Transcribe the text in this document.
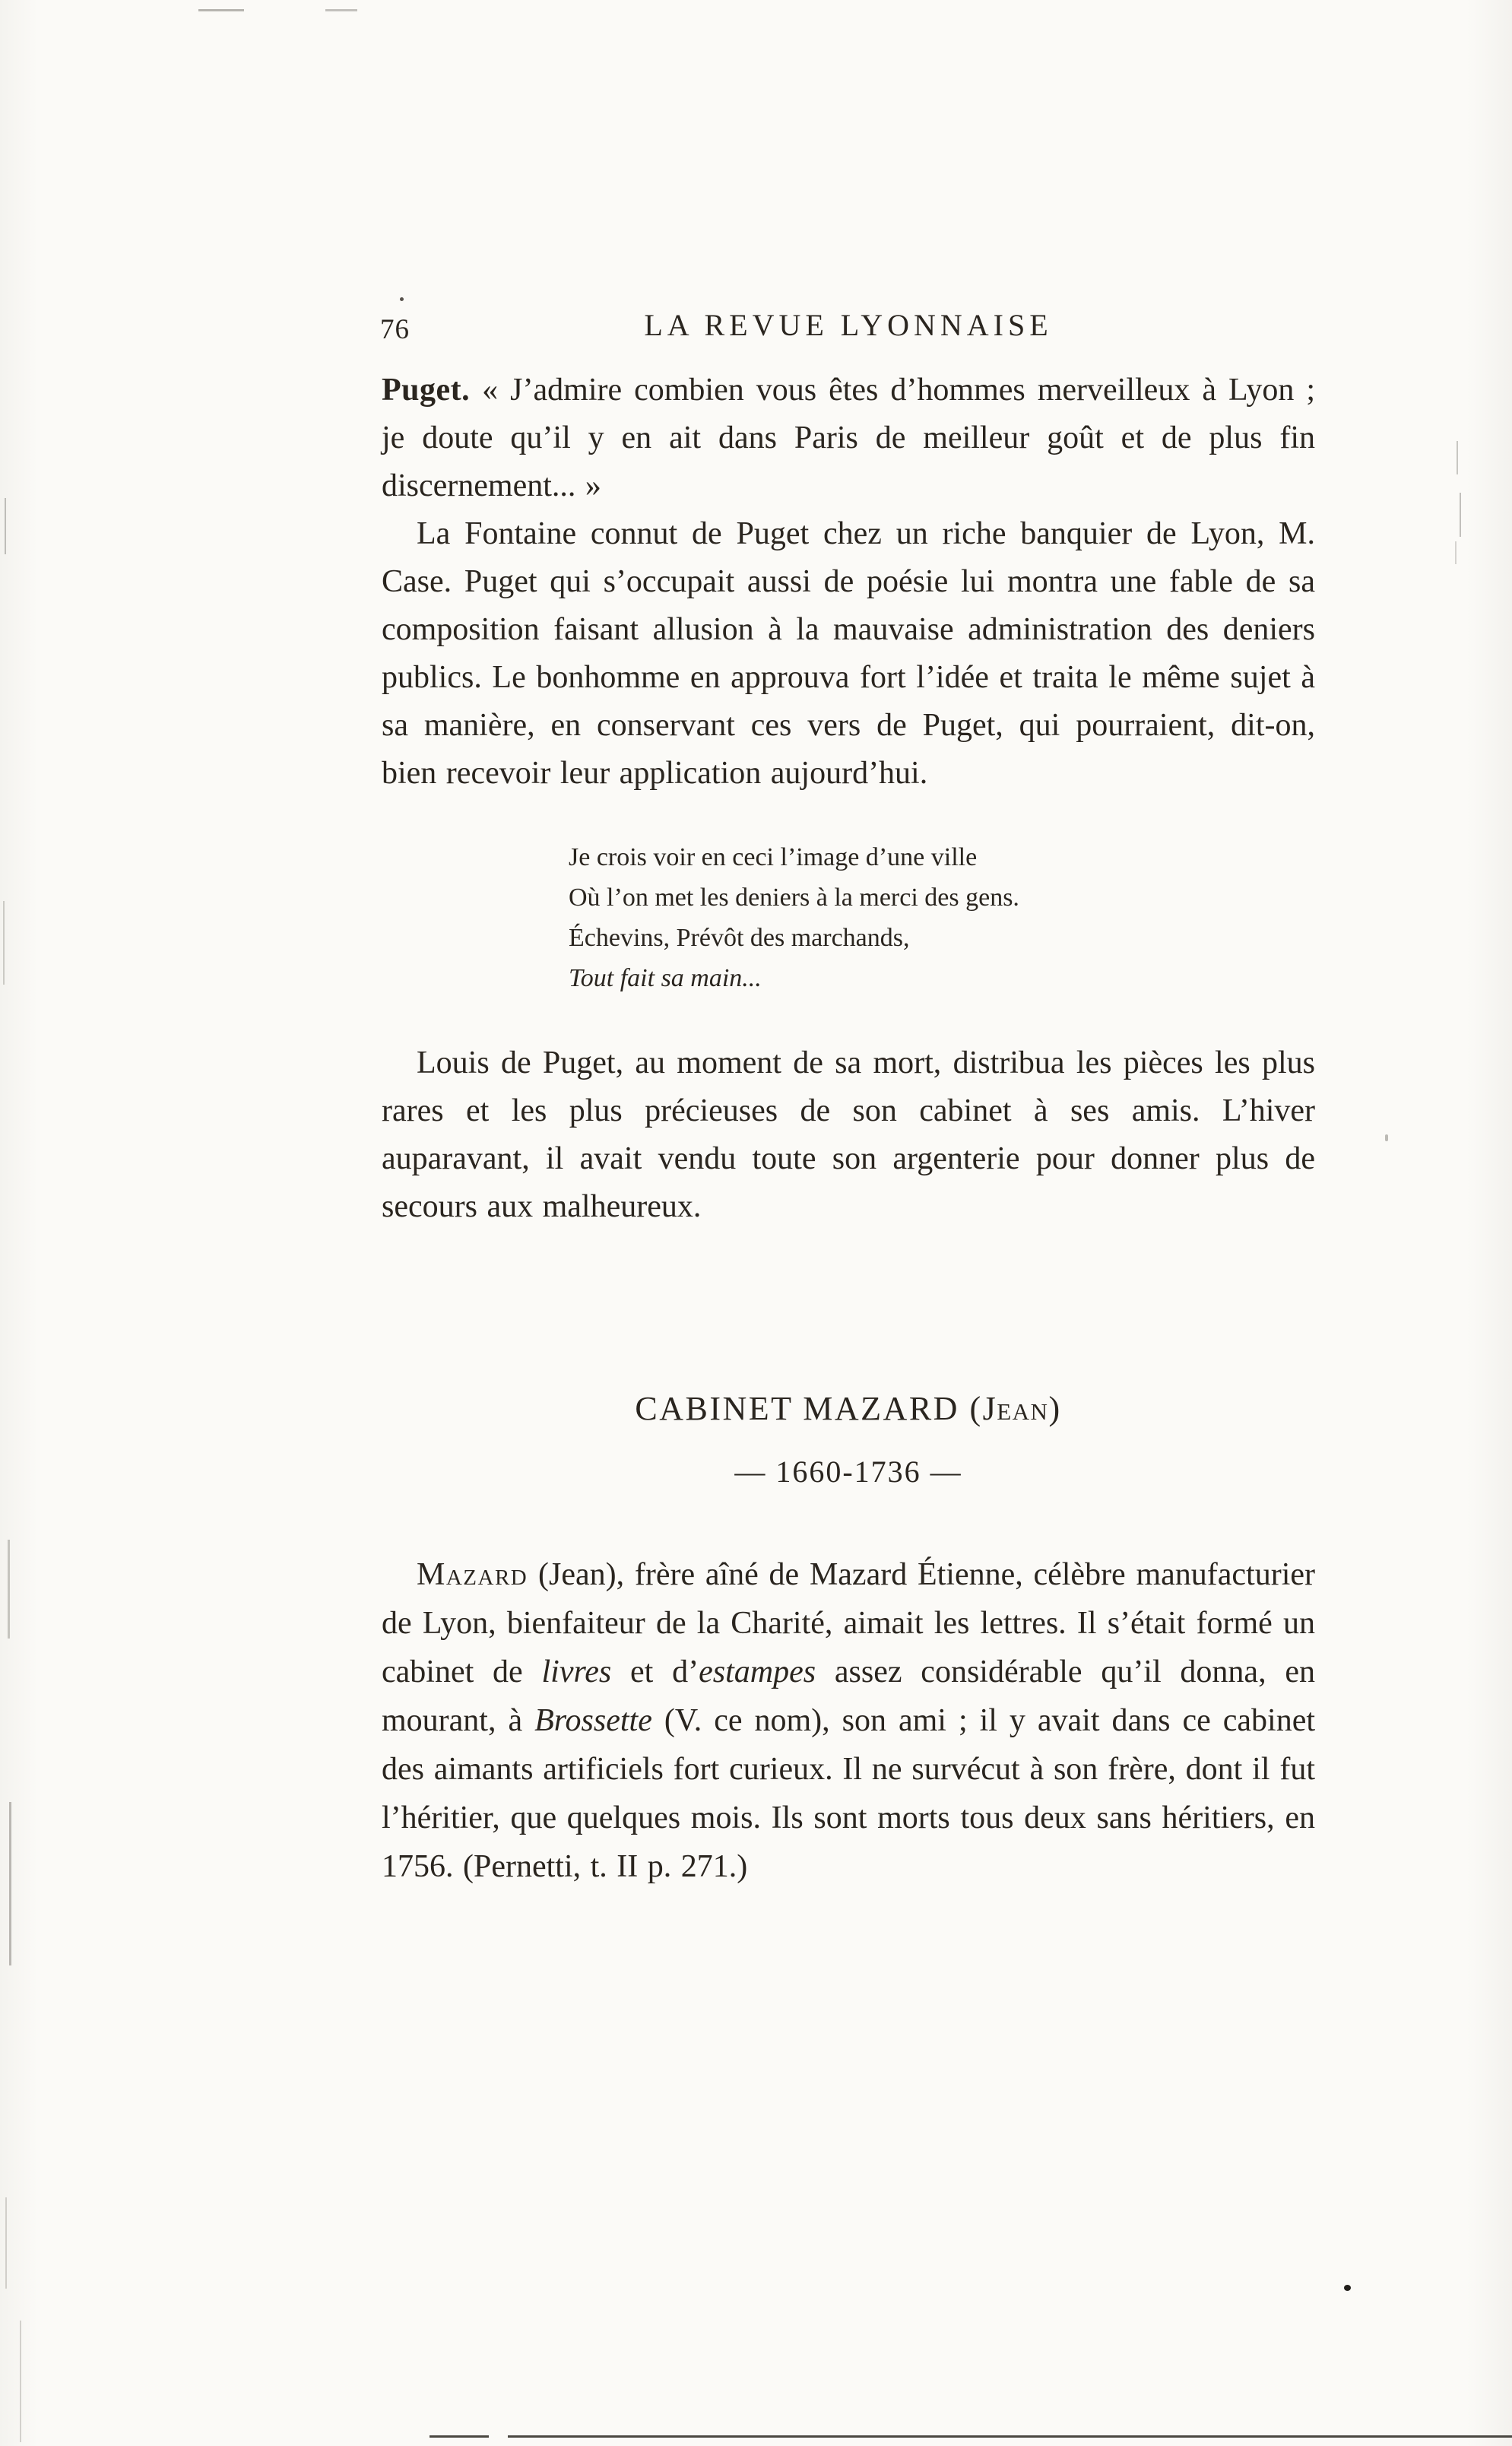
76	LA REVUE LYONNAISE

Puget. « J’admire combien vous êtes d’hommes merveilleux à Lyon ; je doute qu’il y en ait dans Paris de meilleur goût et de plus fin discernement... »

La Fontaine connut de Puget chez un riche banquier de Lyon, M. Case. Puget qui s’occupait aussi de poésie lui montra une fable de sa composition faisant allusion à la mauvaise administration des deniers publics. Le bonhomme en approuva fort l’idée et traita le même sujet à sa manière, en conservant ces vers de Puget, qui pourraient, dit-on, bien recevoir leur application aujourd’hui.

Je crois voir en ceci l’image d’une ville
Où l’on met les deniers à la merci des gens.
Échevins, Prévôt des marchands,
Tout fait sa main...

Louis de Puget, au moment de sa mort, distribua les pièces les plus rares et les plus précieuses de son cabinet à ses amis. L’hiver auparavant, il avait vendu toute son argenterie pour donner plus de secours aux malheureux.

CABINET MAZARD (Jean)
— 1660-1736 —

Mazard (Jean), frère aîné de Mazard Étienne, célèbre manufacturier de Lyon, bienfaiteur de la Charité, aimait les lettres. Il s’était formé un cabinet de livres et d’estampes assez considérable qu’il donna, en mourant, à Brossette (V. ce nom), son ami ; il y avait dans ce cabinet des aimants artificiels fort curieux. Il ne survécut à son frère, dont il fut l’héritier, que quelques mois. Ils sont morts tous deux sans héritiers, en 1756. (Pernetti, t. II p. 271.)
